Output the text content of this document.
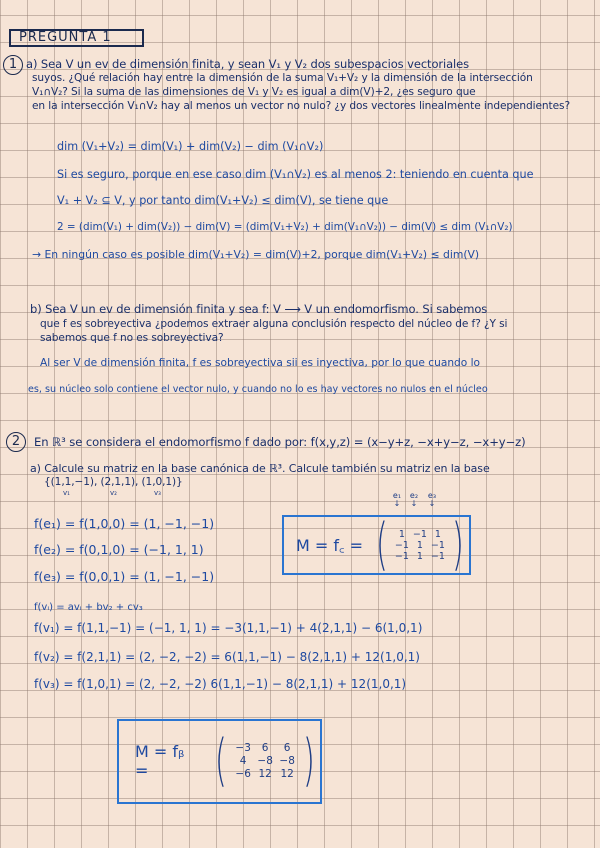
PREGUNTA 1
1 a) Sea V un ev de dimensión finita, y sean V₁ y V₂ dos subespacios vectoriales
suyos. ¿Qué relación hay entre la dimensión de la suma V₁+V₂ y la dimensión de la intersección
V₁∩V₂? Si la suma de las dimensiones de V₁ y V₂ es igual a dim(V)+2, ¿es seguro que
en la intersección V₁∩V₂ hay al menos un vector no nulo? ¿y dos vectores linealmente independientes?
dim (V₁+V₂) = dim(V₁) + dim(V₂) − dim (V₁∩V₂)
Si es seguro, porque en ese caso dim (V₁∩V₂) es al menos 2: teniendo en cuenta que
V₁ + V₂ ⊆ V, y por tanto dim(V₁+V₂) ≤ dim(V), se tiene que
2 = (dim(V₁) + dim(V₂)) − dim(V) = (dim(V₁+V₂) + dim(V₁∩V₂)) − dim(V) ≤ dim (V₁∩V₂)
→ En ningún caso es posible dim(V₁+V₂) = dim(V)+2, porque dim(V₁+V₂) ≤ dim(V)
b) Sea V un ev de dimensión finita y sea f: V ⟶ V un endomorfismo. Si sabemos
que f es sobreyectiva ¿podemos extraer alguna conclusión respecto del núcleo de f? ¿Y si
sabemos que f no es sobreyectiva?
Al ser V de dimensión finita, f es sobreyectiva sii es inyectiva, por lo que cuando lo
es, su núcleo solo contiene el vector nulo, y cuando no lo es hay vectores no nulos en el núcleo
2	En ℝ³ se considera el endomorfismo f dado por: f(x,y,z) = (x−y+z, −x+y−z, −x+y−z)
a) Calcule su matriz en la base canónica de ℝ³. Calcule también su matriz en la base
{(1,1,−1), (2,1,1), (1,0,1)}
v₁	v₂	v₃
f(e₁) = f(1,0,0) = (1, −1, −1)
f(e₂) = f(0,1,0) = (−1, 1, 1)
f(e₃) = f(0,0,1) = (1, −1, −1)
e₁
↓
e₂
↓
e₃
↓
M = f꜀ = (	1 −1 1
−1 1 −1
−1 1 −1 )
f(vᵢ) = avᵢ + bv₂ + cv₃
f(v₁) = f(1,1,−1) = (−1, 1, 1) = −3(1,1,−1) + 4(2,1,1) − 6(1,0,1)
f(v₂) = f(2,1,1) = (2, −2, −2) = 6(1,1,−1) − 8(2,1,1) + 12(1,0,1)
f(v₃) = f(1,0,1) = (2, −2, −2) 6(1,1,−1) − 8(2,1,1) + 12(1,0,1)
M = fᵦ =	( −3	6	6
4	−8 −8
−6 12 12 )
